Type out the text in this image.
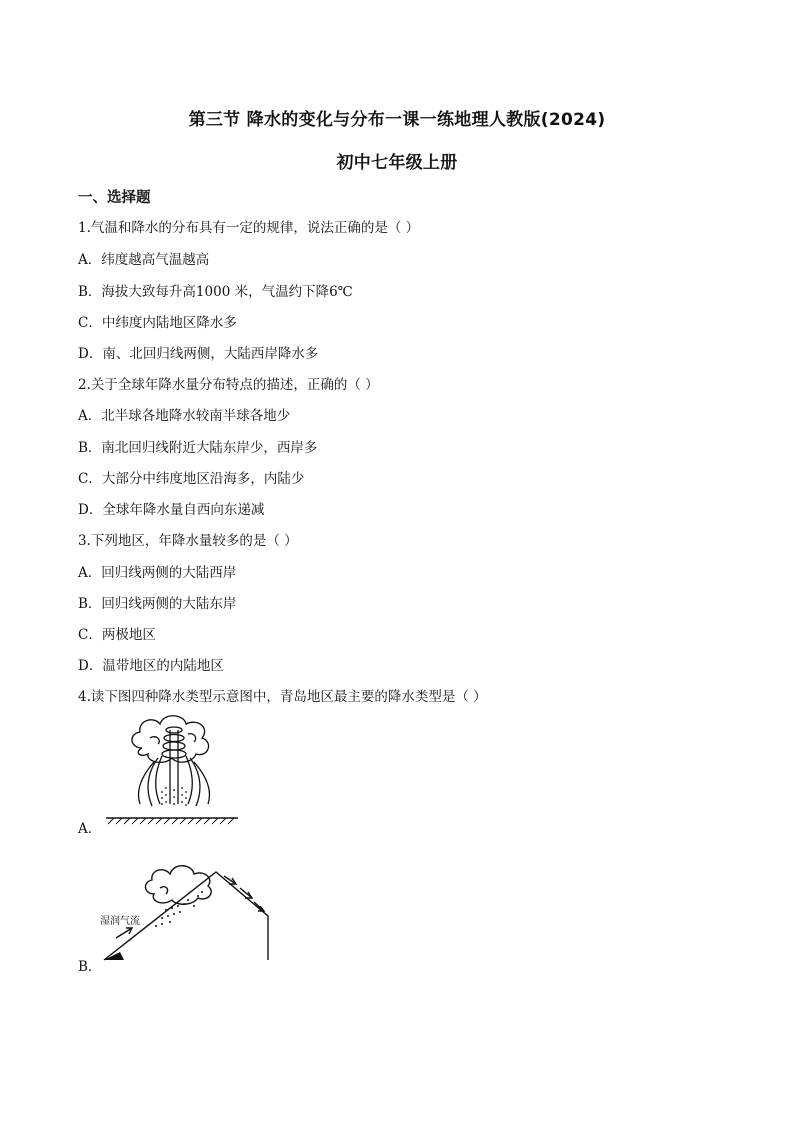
第三节 降水的变化与分布一课一练地理人教版(2024)
初中七年级上册
一、选择题
1.气温和降水的分布具有一定的规律，说法正确的是（ ）
A．纬度越高气温越高
B．海拔大致每升高1000 米，气温约下降6℃
C．中纬度内陆地区降水多
D．南、北回归线两侧，大陆西岸降水多
2.关于全球年降水量分布特点的描述，正确的（ ）
A．北半球各地降水较南半球各地少
B．南北回归线附近大陆东岸少，西岸多
C．大部分中纬度地区沿海多，内陆少
D．全球年降水量自西向东递减
3.下列地区，年降水量较多的是（ ）
A．回归线两侧的大陆西岸
B．回归线两侧的大陆东岸
C．两极地区
D．温带地区的内陆地区
4.读下图四种降水类型示意图中，青岛地区最主要的降水类型是（ ）
A．
B．
湿润气流
